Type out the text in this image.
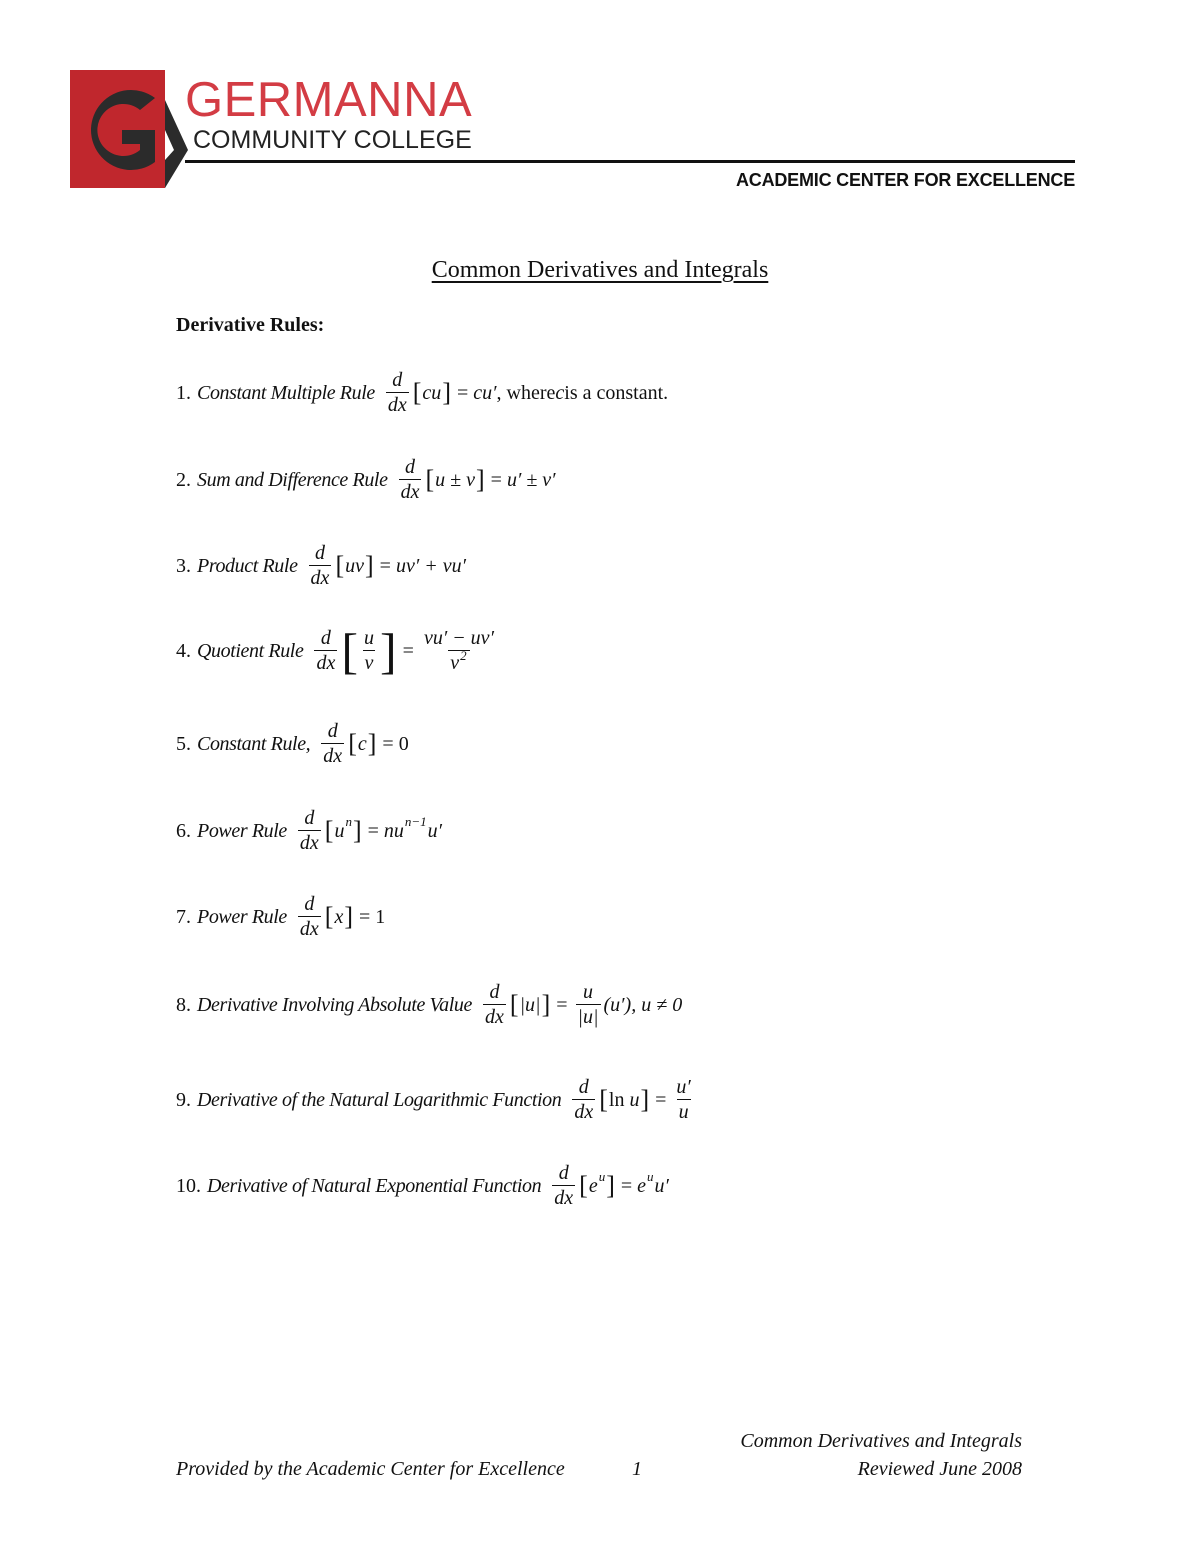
GERMANNA
COMMUNITY COLLEGE
ACADEMIC CENTER FOR EXCELLENCE
Common Derivatives and Integrals
Derivative Rules:
1. Constant Multiple Rule $\frac{d}{dx}$ [ cu ] = cu′ , where c is a constant.
2. Sum and Difference Rule $\frac{d}{dx}$ [ u ± v ] = u′ ± v′
3. Product Rule $\frac{d}{dx}$ [ uv ] = uv′ + vu′
4. Quotient Rule $\frac{d}{dx}$ [ $\frac{u}{v}$ ] = $\frac{vu' - uv'}{v^2}$
5. Constant Rule, $\frac{d}{dx}$ [ c ] = 0
6. Power Rule $\frac{d}{dx}$ [ u n ] = nu n−1 u′
7. Power Rule $\frac{d}{dx}$ [ x ] = 1
8. Derivative Involving Absolute Value $\frac{d}{dx}$ [ |u| ] = $\frac{u}{|u|} (u')$, u ≠ 0
9. Derivative of the Natural Logarithmic Function $\frac{d}{dx}$ [ ln
u ] = $\frac{u'}{u}$
10. Derivative of Natural Exponential Function $\frac{d}{dx}$ [ e u ] = e u u′
Common Derivatives and Integrals
Provided by the Academic Center for Excellence	1	Reviewed June 2008
